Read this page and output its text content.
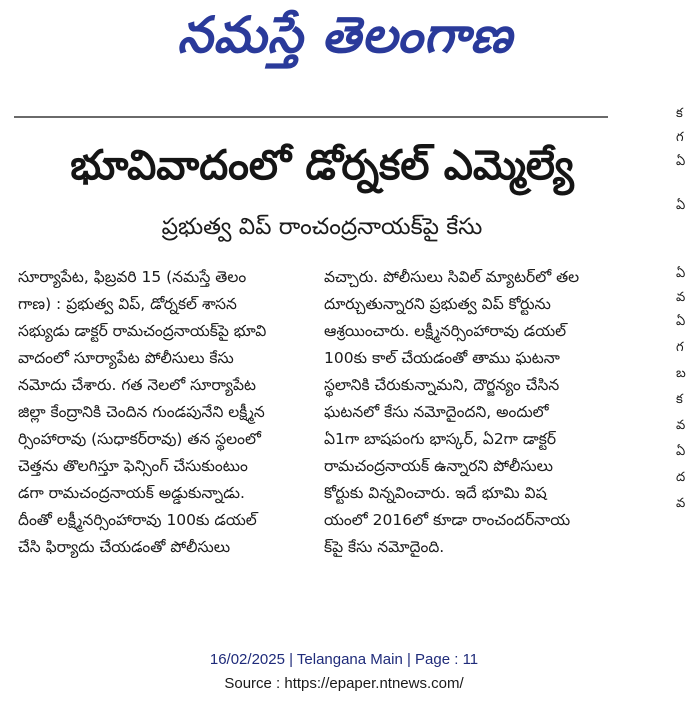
నమస్తే తెలంగాణ
భూవివాదంలో డోర్నకల్ ఎమ్మెల్యే
ప్రభుత్వ విప్ రాంచంద్రనాయక్‌పై కేసు
సూర్యాపేట, ఫిబ్రవరి 15 (నమస్తే తెలం
గాణ) : ప్రభుత్వ విప్, డోర్నకల్ శాసన
సభ్యుడు డాక్టర్ రామచంద్రనాయక్‌పై భూవి
వాదంలో సూర్యాపేట పోలీసులు కేసు
నమోదు చేశారు. గత నెలలో సూర్యాపేట
జిల్లా కేంద్రానికి చెందిన గుండపునేని లక్ష్మీన
ర్సింహారావు (సుధాకర్‌రావు) తన స్థలంలో
చెత్తను తొలగిస్తూ ఫెన్సింగ్ చేసుకుంటుం
డగా రామచంద్రనాయక్ అడ్డుకున్నాడు.
దీంతో లక్ష్మీనర్సింహారావు 100కు డయల్
చేసి ఫిర్యాదు చేయడంతో పోలీసులు
వచ్చారు. పోలీసులు సివిల్ మ్యాటర్‌లో తల
దూర్చుతున్నారని ప్రభుత్వ విప్ కోర్టును
ఆశ్రయించారు. లక్ష్మీనర్సింహారావు డయల్
100కు కాల్ చేయడంతో తాము ఘటనా
స్థలానికి చేరుకున్నామని, దౌర్జన్యం చేసిన
ఘటనలో కేసు నమోదైందని, అందులో
ఏ1గా బాషపంగు భాస్కర్, ఏ2గా డాక్టర్
రామచంద్రనాయక్ ఉన్నారని పోలీసులు
కోర్టుకు విన్నవించారు. ఇదే భూమి విష
యంలో 2016లో కూడా రాంచందర్‌నాయ
క్‌పై కేసు నమోదైంది.
క
గ
ఏ
ఏ
ఏ
వ
ఏ
గ
బ
క
వ
ఏ
ద
వ
16/02/2025 | Telangana Main | Page : 11
Source : https://epaper.ntnews.com/
